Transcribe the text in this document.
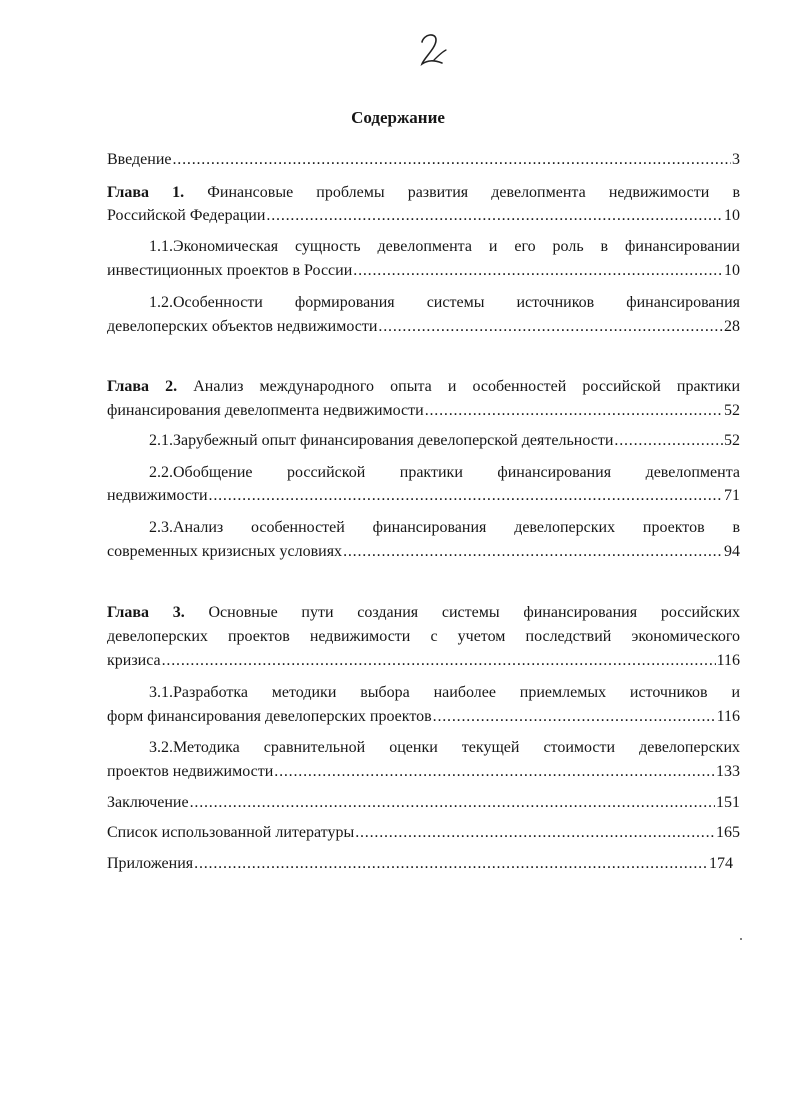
Содержание
Введение . . .	3
Глава 1. Финансовые проблемы развития девелопмента недвижимости в
Российской Федерации . . .	10
1.1.Экономическая сущность девелопмента и его роль в финансировании
инвестиционных проектов в России . . .	10
1.2.Особенности формирования системы источников финансирования
девелоперских объектов недвижимости . . .	28
Глава 2. Анализ международного опыта и особенностей российской практики
финансирования девелопмента недвижимости . . .	52
2.1.Зарубежный опыт финансирования девелоперской деятельности . . .	52
2.2.Обобщение российской практики финансирования девелопмента
недвижимости . . .	71
2.3.Анализ особенностей финансирования девелоперских проектов в
современных кризисных условиях . . .	94
Глава 3. Основные пути создания системы финансирования российских
девелоперских проектов недвижимости с учетом последствий экономического
кризиса . . .	116
3.1.Разработка методики выбора наиболее приемлемых источников и
форм финансирования девелоперских проектов . . .	116
3.2.Методика сравнительной оценки текущей стоимости девелоперских
проектов недвижимости . . .	133
Заключение . . .	151
Список использованной литературы . . .	165
Приложения . . .	174
